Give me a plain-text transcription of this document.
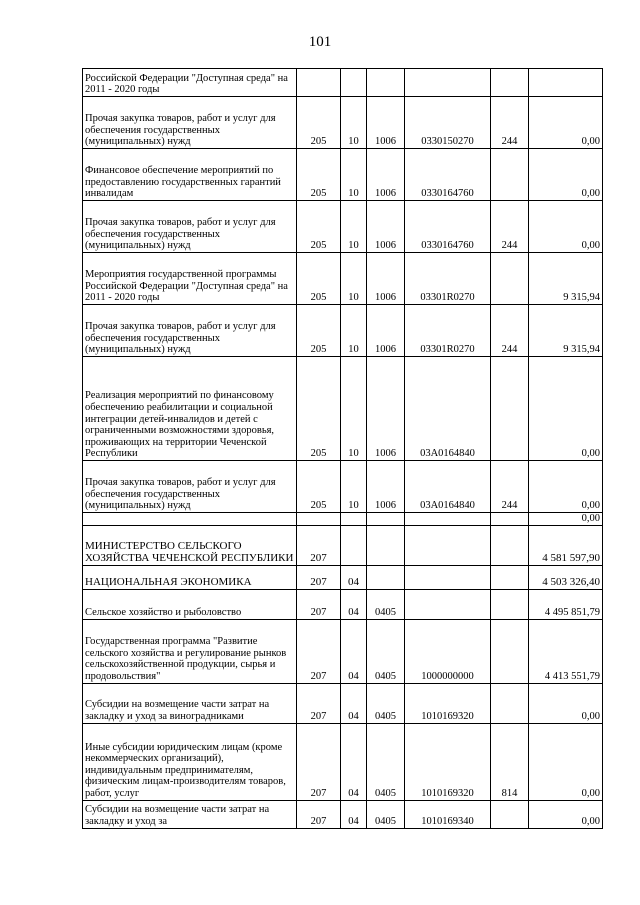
101
Российской Федерации "Доступная среда" на 2011 - 2020 годы						
Прочая закупка товаров, работ и услуг для обеспечения государственных (муниципальных) нужд	205	10	1006	0330150270	244	0,00
Финансовое обеспечение мероприятий по предоставлению государственных гарантий инвалидам	205	10	1006	0330164760		0,00
Прочая закупка товаров, работ и услуг для обеспечения государственных (муниципальных) нужд	205	10	1006	0330164760	244	0,00
Мероприятия государственной программы Российской Федерации "Доступная среда" на 2011 - 2020 годы	205	10	1006	03301R0270		9 315,94
Прочая закупка товаров, работ и услуг для обеспечения государственных (муниципальных) нужд	205	10	1006	03301R0270	244	9 315,94
Реализация мероприятий по финансовому обеспечению реабилитации и социальной интеграции детей-инвалидов и детей с ограниченными возможностями здоровья, проживающих на территории Чеченской Республики	205	10	1006	03A0164840		0,00
Прочая закупка товаров, работ и услуг для обеспечения государственных (муниципальных) нужд	205	10	1006	03A0164840	244	0,00
						0,00
МИНИСТЕРСТВО СЕЛЬСКОГО ХОЗЯЙСТВА ЧЕЧЕНСКОЙ РЕСПУБЛИКИ	207					4 581 597,90
НАЦИОНАЛЬНАЯ ЭКОНОМИКА	207	04				4 503 326,40
Сельское хозяйство и рыболовство	207	04	0405			4 495 851,79
Государственная программа "Развитие сельского хозяйства и регулирование рынков сельскохозяйственной продукции, сырья и продовольствия"	207	04	0405	1000000000		4 413 551,79
Субсидии на возмещение части затрат на закладку и уход за виноградниками	207	04	0405	1010169320		0,00
Иные субсидии юридическим лицам (кроме некоммерческих организаций), индивидуальным предпринимателям, физическим лицам-производителям товаров, работ, услуг	207	04	0405	1010169320	814	0,00
Субсидии на возмещение части затрат на закладку и уход за	207	04	0405	1010169340		0,00
